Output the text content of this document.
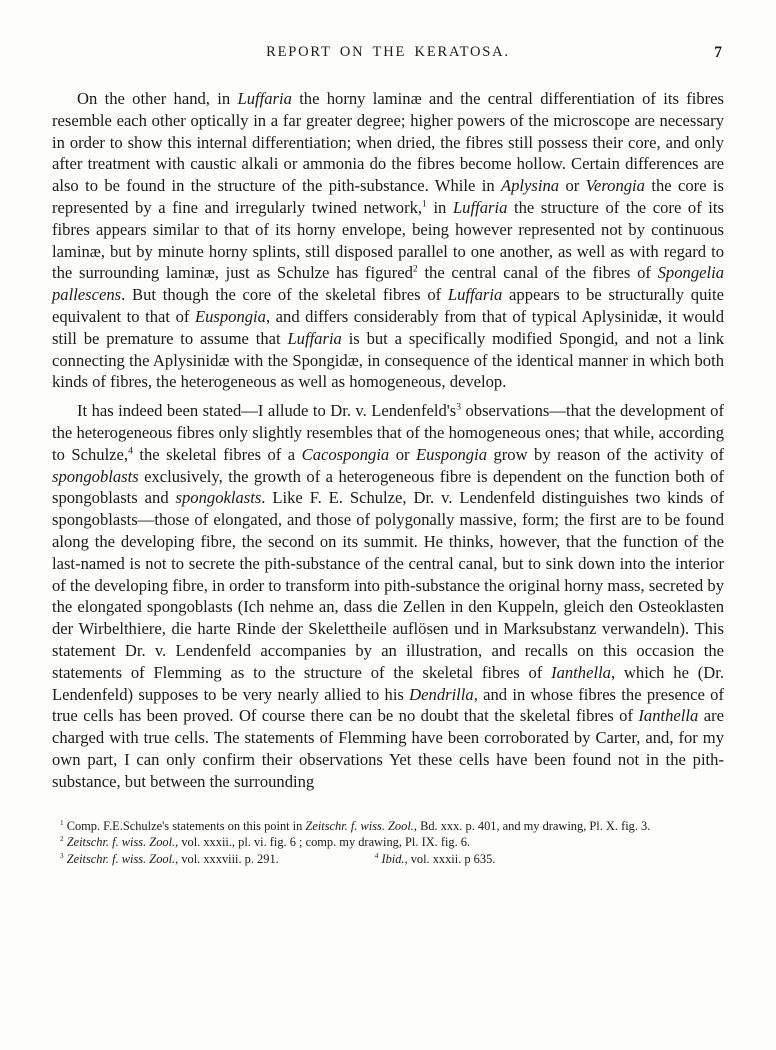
REPORT ON THE KERATOSA.	7

On the other hand, in Luffaria the horny laminæ and the central differentiation of its fibres resemble each other optically in a far greater degree; higher powers of the microscope are necessary in order to show this internal differentiation; when dried, the fibres still possess their core, and only after treatment with caustic alkali or ammonia do the fibres become hollow. Certain differences are also to be found in the structure of the pith-substance. While in Aplysina or Verongia the core is represented by a fine and irregularly twined network,$^1$ in Luffaria the structure of the core of its fibres appears similar to that of its horny envelope, being however represented not by continuous laminæ, but by minute horny splints, still disposed parallel to one another, as well as with regard to the surrounding laminæ, just as Schulze has figured$^2$ the central canal of the fibres of Spongelia pallescens. But though the core of the skeletal fibres of Luffaria appears to be structurally quite equivalent to that of Euspongia, and differs considerably from that of typical Aplysinidæ, it would still be premature to assume that Luffaria is but a specifically modified Spongid, and not a link connecting the Aplysinidæ with the Spongidæ, in consequence of the identical manner in which both kinds of fibres, the heterogeneous as well as homogeneous, develop.

It has indeed been stated—I allude to Dr. v. $Lendenfeld's^3$ observations—that the development of the heterogeneous fibres only slightly resembles that of the homogeneous ones; that while, according to Schulze,$^4$ the skeletal fibres of a Cacospongia or Euspongia grow by reason of the activity of spongoblasts exclusively, the growth of a heterogeneous fibre is dependent on the function both of spongoblasts and spongoklasts. Like F. E. Schulze, Dr. v. Lendenfeld distinguishes two kinds of spongoblasts—those of elongated, and those of polygonally massive, form; the first are to be found along the developing fibre, the second on its summit. He thinks, however, that the function of the last-named is not to secrete the pith-substance of the central canal, but to sink down into the interior of the developing fibre, in order to transform into pith-substance the original horny mass, secreted by the elongated spongoblasts (Ich nehme an, dass die Zellen in den Kuppeln, gleich den Osteoklasten der Wirbelthiere, die harte Rinde der Skelettheile auflösen und in Marksubstanz verwandeln). This statement Dr. v. Lendenfeld accompanies by an illustration, and recalls on this occasion the statements of Flemming as to the structure of the skeletal fibres of Ianthella, which he (Dr. Lendenfeld) supposes to be very nearly allied to his Dendrilla, and in whose fibres the presence of true cells has been proved. Of course there can be no doubt that the skeletal fibres of Ianthella are charged with true cells. The statements of Flemming have been corroborated by Carter, and, for my own part, I can only confirm their observations Yet these cells have been found not in the pith-substance, but between the surrounding

$^1$ Comp. F.E.Schulze's statements on this point in Zeitschr. f. wiss. Zool., Bd. xxx. p. 401, and my drawing, Pl. X. fig. 3.

$^2$ Zeitschr. f. wiss. Zool., vol. xxxii., pl. vi. fig. 6 ; comp. my drawing, Pl. IX. fig. 6.

$^3$ Zeitschr. f. wiss. Zool., vol. xxxviii. p. 291.	$^4$ Ibid., vol. xxxii. p 635.
